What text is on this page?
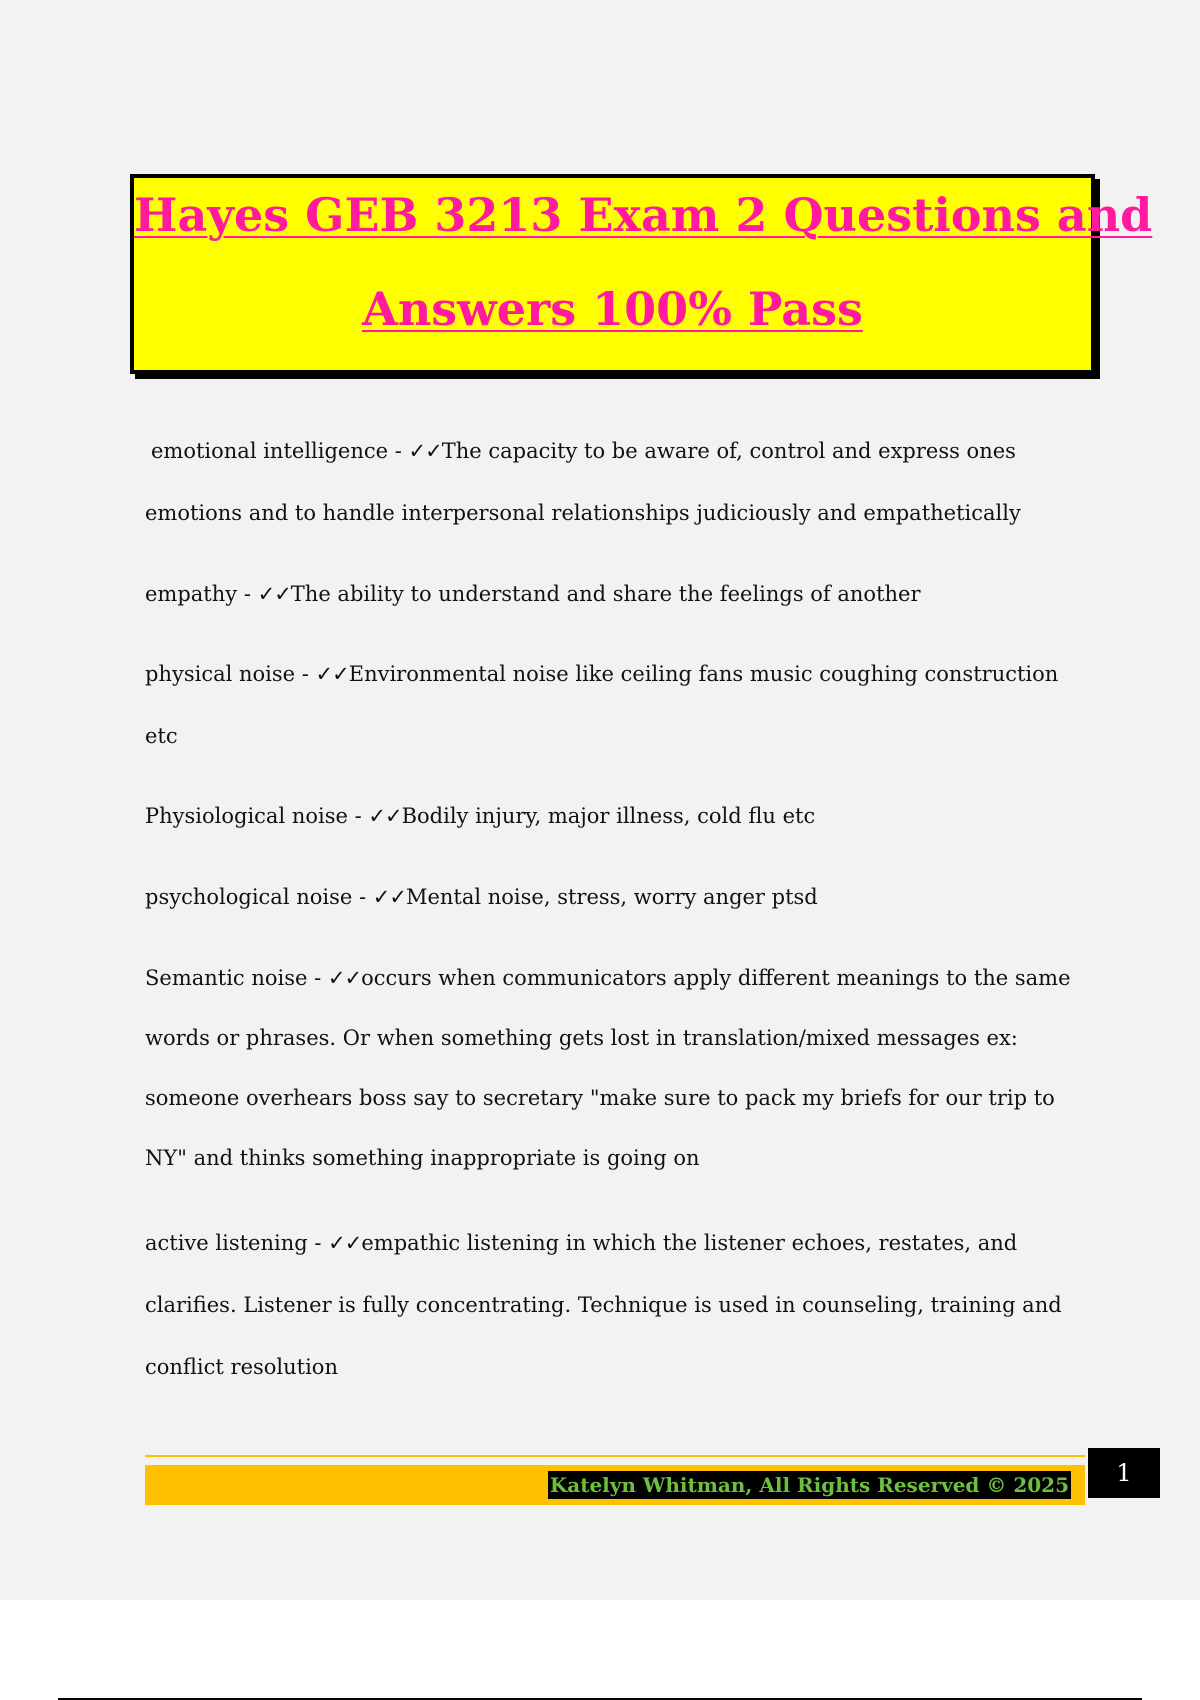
Hayes GEB 3213 Exam 2 Questions and
Answers 100% Pass
emotional intelligence - ✓✓The capacity to be aware of, control and express ones emotions and to handle interpersonal relationships judiciously and empathetically
empathy - ✓✓The ability to understand and share the feelings of another
physical noise - ✓✓Environmental noise like ceiling fans music coughing construction etc
Physiological noise - ✓✓Bodily injury, major illness, cold flu etc
psychological noise - ✓✓Mental noise, stress, worry anger ptsd
Semantic noise - ✓✓occurs when communicators apply different meanings to the same words or phrases. Or when something gets lost in translation/mixed messages ex: someone overhears boss say to secretary "make sure to pack my briefs for our trip to NY" and thinks something inappropriate is going on
active listening - ✓✓empathic listening in which the listener echoes, restates, and clarifies. Listener is fully concentrating. Technique is used in counseling, training and conflict resolution
Katelyn Whitman, All Rights Reserved © 2025	1
